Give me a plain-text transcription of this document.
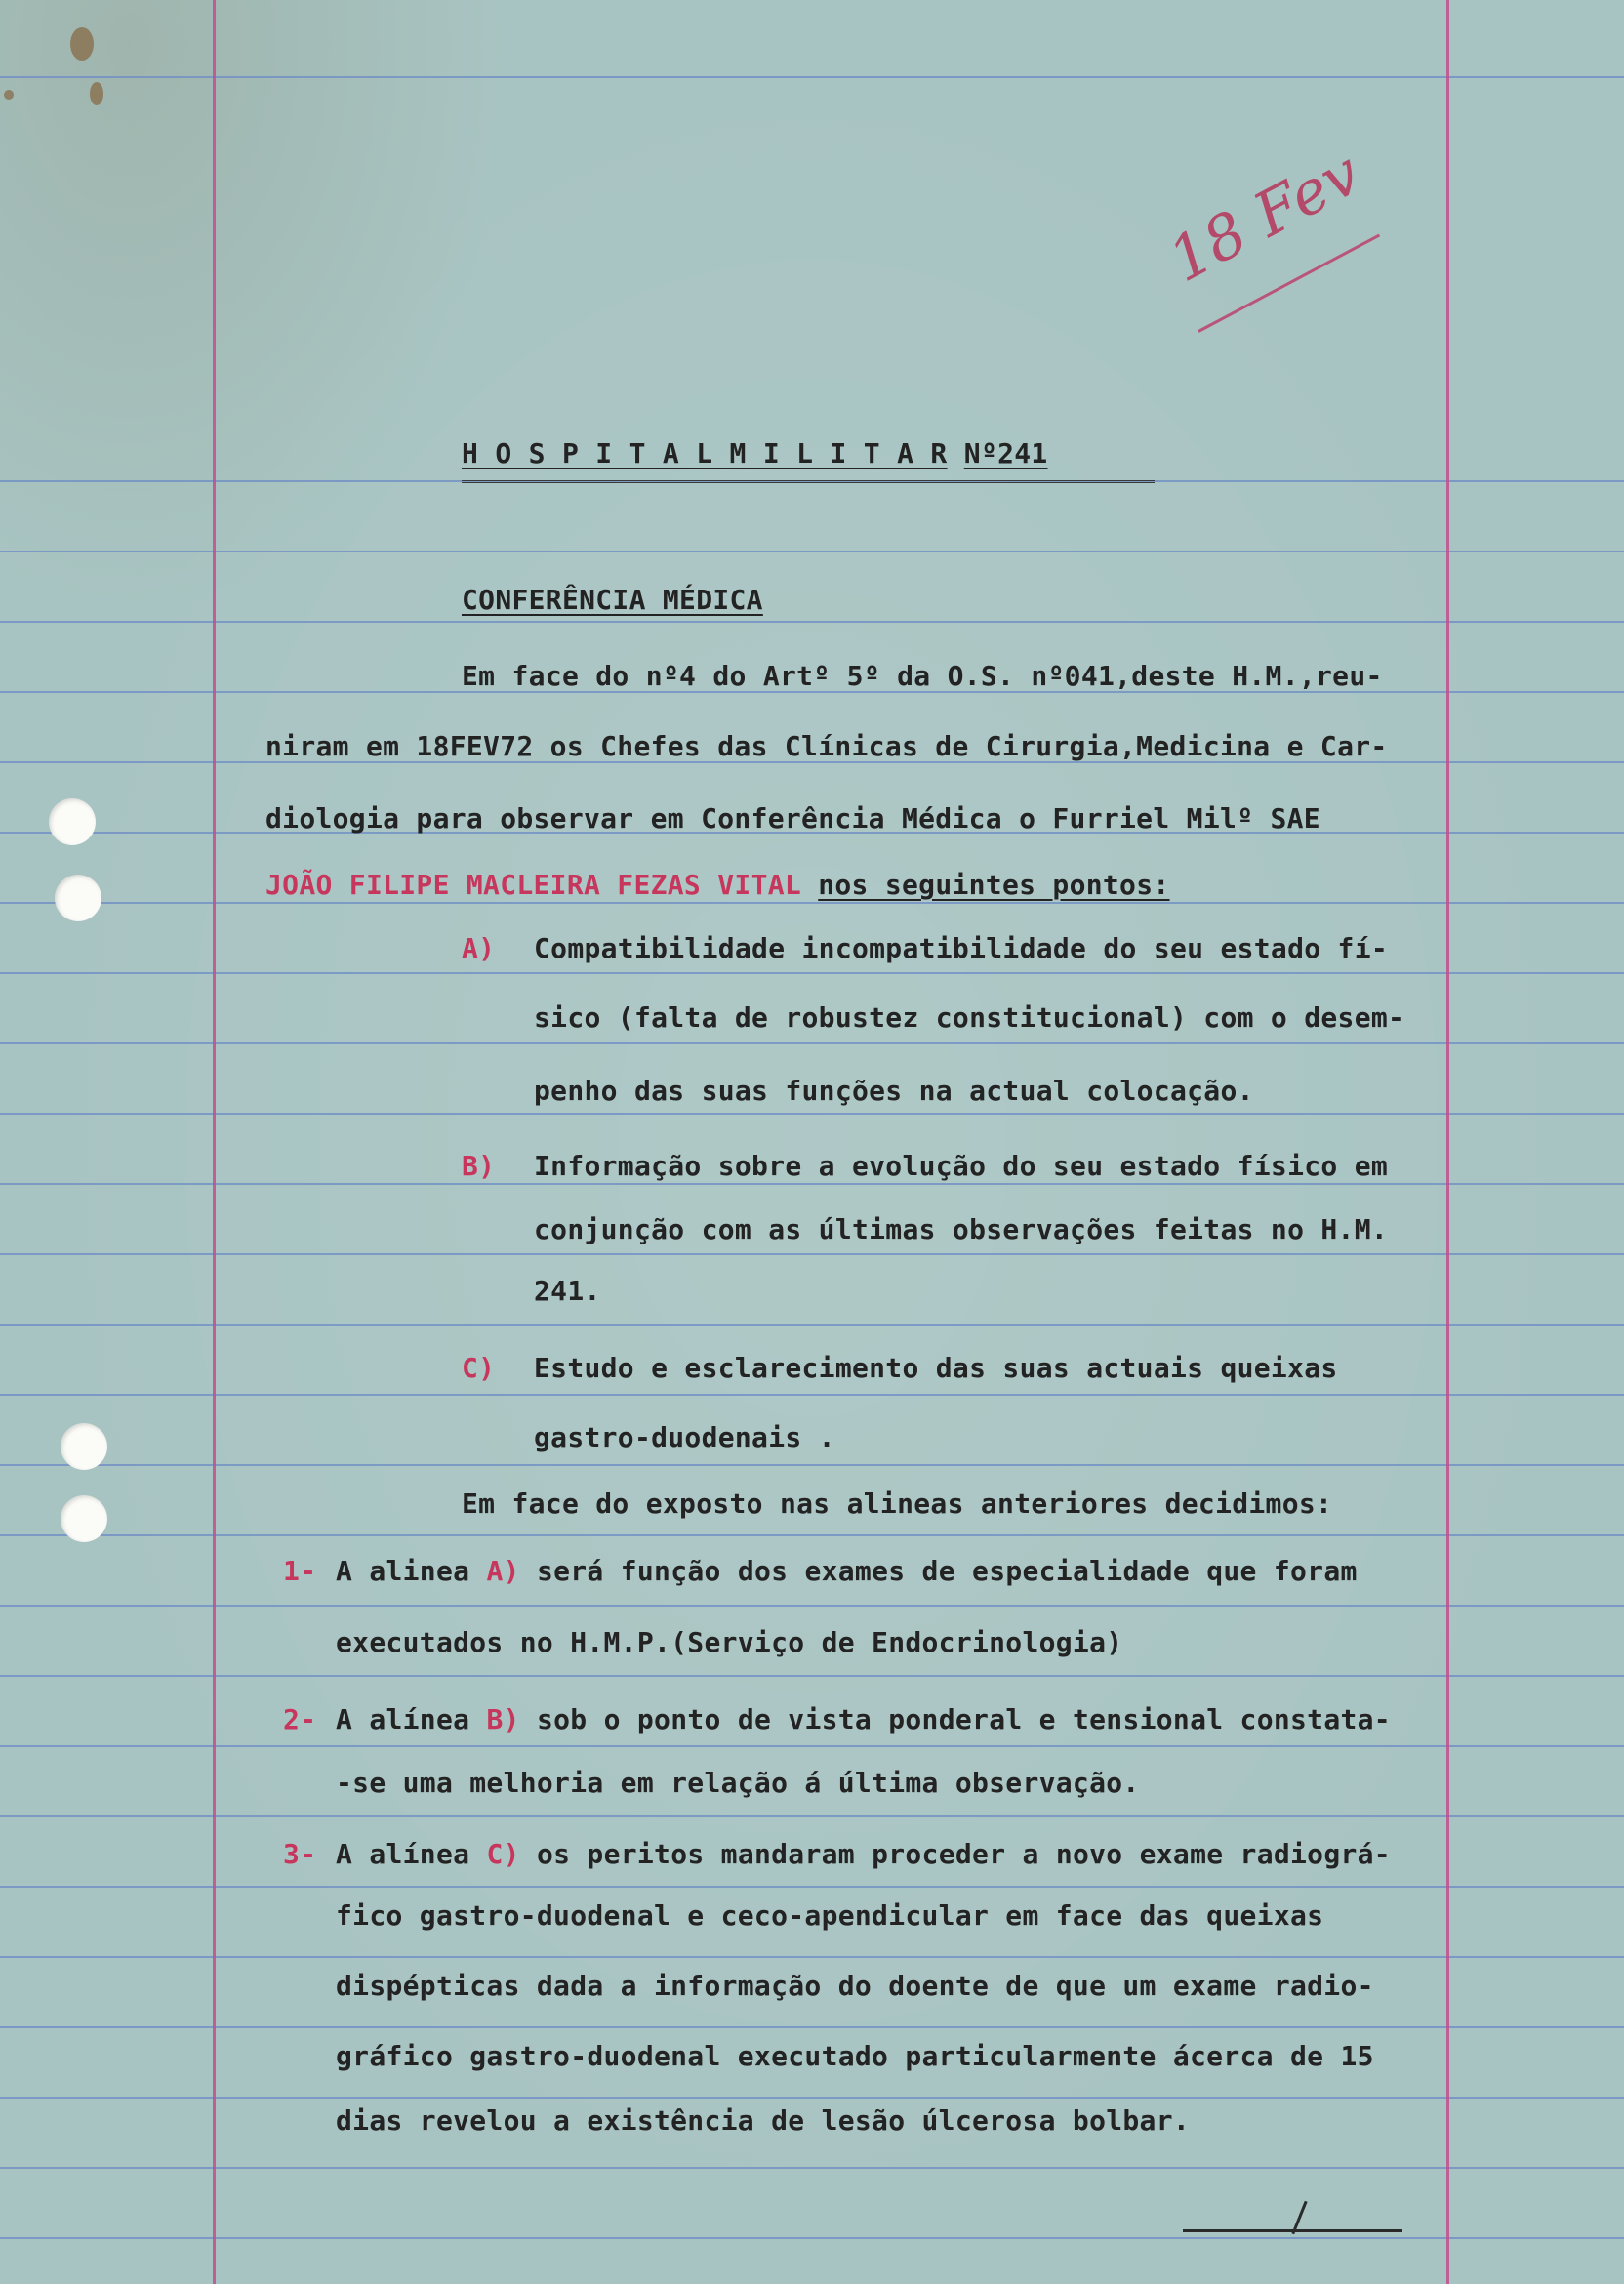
18 Fev
H O S P I T A L M I L I T A R Nº241
CONFERÊNCIA MÉDICA
Em face do nº4 do Artº 5º da O.S. nº041,deste H.M.,reu-
niram em 18FEV72 os Chefes das Clínicas de Cirurgia,Medicina e Car-
diologia para observar em Conferência Médica o Furriel Milº SAE
JOÃO FILIPE MACLEIRA FEZAS VITAL nos seguintes pontos:
A) Compatibilidade incompatibilidade do seu estado fí-
sico (falta de robustez constitucional) com o desem-
penho das suas funções na actual colocação.
B) Informação sobre a evolução do seu estado físico em
conjunção com as últimas observações feitas no H.M.
241.
C) Estudo e esclarecimento das suas actuais queixas
gastro-duodenais .
Em face do exposto nas alineas anteriores decidimos:
1- A alinea A) será função dos exames de especialidade que foram
executados no H.M.P.(Serviço de Endocrinologia)
2- A alínea B) sob o ponto de vista ponderal e tensional constata-
-se uma melhoria em relação á última observação.
3- A alínea C) os peritos mandaram proceder a novo exame radiográ-
fico gastro-duodenal e ceco-apendicular em face das queixas
dispépticas dada a informação do doente de que um exame radio-
gráfico gastro-duodenal executado particularmente ácerca de 15
dias revelou a existência de lesão úlcerosa bolbar.
